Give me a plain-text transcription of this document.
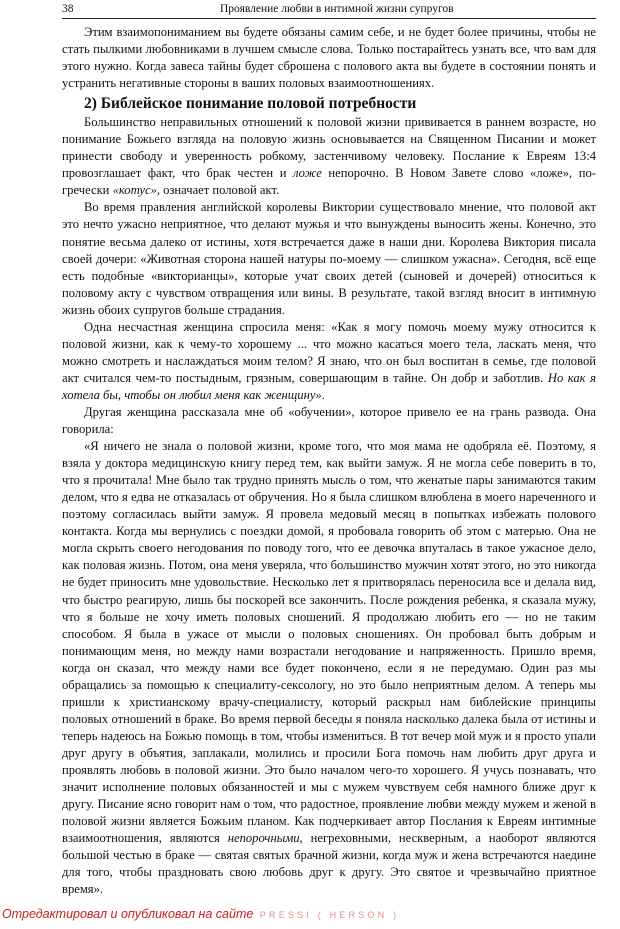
38	Проявление любви в интимной жизни супругов

Этим взаимопониманием вы будете обязаны самим себе, и не будет более причины, чтобы не стать пылкими любовниками в лучшем смысле слова. Только постарайтесь узнать все, что вам для этого нужно. Когда завеса тайны будет сброшена с полового акта вы будете в состоянии понять и устранить негативные стороны в ваших половых взаимоотношениях.

2) Библейское понимание половой потребности

Большинство неправильных отношений к половой жизни прививается в раннем возрасте, но понимание Божьего взгляда на половую жизнь основывается на Священном Писании и может принести свободу и уверенность робкому, застенчивому человеку. Послание к Евреям 13:4 провозглашает факт, что брак честен и ложе непорочно. В Новом Завете слово «ложе», по-гречески «котус», означает половой акт.

Во время правления английской королевы Виктории существовало мнение, что половой акт это нечто ужасно неприятное, что делают мужья и что вынуждены выносить жены. Конечно, это понятие весьма далеко от истины, хотя встречается даже в наши дни. Королева Виктория писала своей дочери: «Животная сторона нашей натуры по-моему — слишком ужасна». Сегодня, всё еще есть подобные «викторианцы», которые учат своих детей (сыновей и дочерей) относиться к половому акту с чувством отвращения или вины. В результате, такой взгляд вносит в интимную жизнь обоих супругов больше страдания.

Одна несчастная женщина спросила меня: «Как я могу помочь моему мужу относится к половой жизни, как к чему-то хорошему ... что можно касаться моего тела, ласкать меня, что можно смотреть и наслаждаться моим телом? Я знаю, что он был воспитан в семье, где половой акт считался чем-то постыдным, грязным, совершающим в тайне. Он добр и заботлив. Но как я хотела бы, чтобы он любил меня как женщину».

Другая женщина рассказала мне об «обучении», которое привело ее на грань развода. Она говорила:

«Я ничего не знала о половой жизни, кроме того, что моя мама не одобряла её. Поэтому, я взяла у доктора медицинскую книгу перед тем, как выйти замуж. Я не могла себе поверить в то, что я прочитала! Мне было так трудно принять мысль о том, что женатые пары занимаются таким делом, что я едва не отказалась от обручения. Но я была слишком влюблена в моего нареченного и поэтому согласилась выйти замуж. Я провела медовый месяц в попытках избежать полового контакта. Когда мы вернулись с поездки домой, я пробовала говорить об этом с матерью. Она не могла скрыть своего негодования по поводу того, что ее девочка впуталась в такое ужасное дело, как половая жизнь. Потом, она меня уверяла, что большинство мужчин хотят этого, но это никогда не будет приносить мне удовольствие. Несколько лет я притворялась переносила все и делала вид, что быстро реагирую, лишь бы поскорей все закончить. После рождения ребенка, я сказала мужу, что я больше не хочу иметь половых сношений. Я продолжаю любить его — но не таким способом. Я была в ужасе от мысли о половых сношениях. Он пробовал быть добрым и понимающим меня, но между нами возрастали негодование и напряженность. Пришло время, когда он сказал, что между нами все будет покончено, если я не передумаю. Один раз мы обращались за помощью к специалиту-сексологу, но это было неприятным делом. А теперь мы пришли к христианскому врачу-специалисту, который раскрыл нам библейские принципы половых отношений в браке. Во время первой беседы я поняла насколько далека была от истины и теперь надеюсь на Божью помощь в том, чтобы измениться. В тот вечер мой муж и я просто упали друг другу в объятия, заплакали, молились и просили Бога помочь нам любить друг друга и проявлять любовь в половой жизни. Это было началом чего-то хорошего. Я учусь познавать, что значит исполнение половых обязанностей и мы с мужем чувствуем себя намного ближе друг к другу. Писание ясно говорит нам о том, что радостное, проявление любви между мужем и женой в половой жизни является Божьим планом. Как подчеркивает автор Послания к Евреям интимные взаимоотношения, являются непорочными, негреховными, нескверным, а наоборот являются большой честью в браке — святая святых брачной жизни, когда муж и жена встречаются наедине для того, чтобы праздновать свою любовь друг к другу. Это святое и чрезвычайно приятное время».

Отредактировал и опубликовал на сайте PRESSI ( HERSON )
